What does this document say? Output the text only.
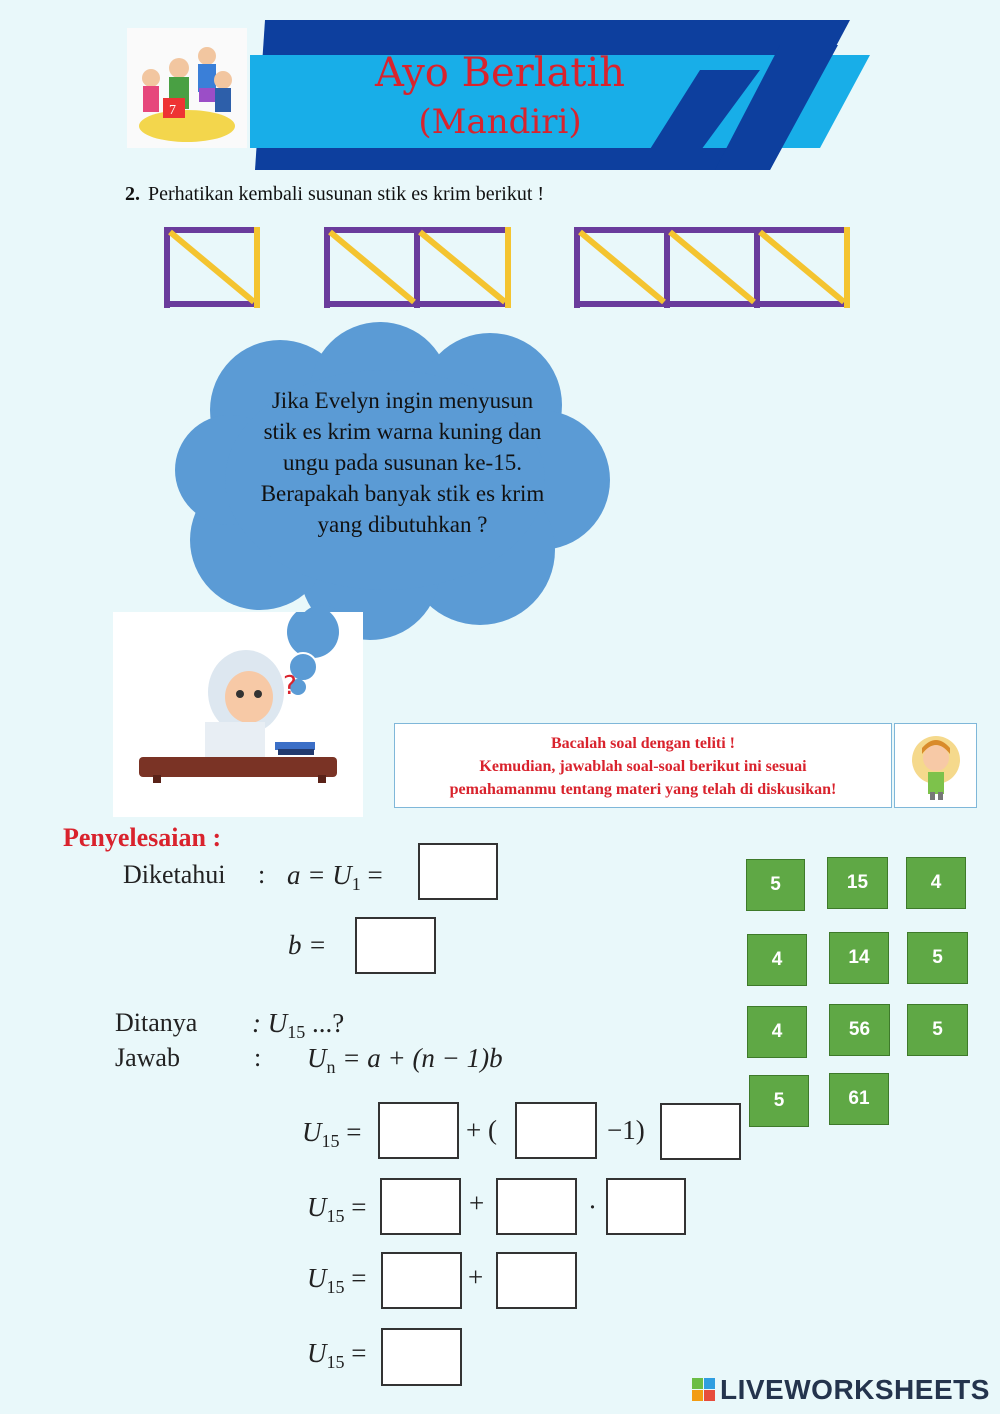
7
Ayo Berlatih
(Mandiri)
2. Perhatikan kembali susunan stik es krim berikut !
Jika Evelyn ingin menyusun
stik es krim warna kuning dan
ungu pada susunan ke-15.
Berapakah banyak stik es krim
yang dibutuhkan ?
?
Bacalah soal dengan teliti !
Kemudian, jawablah soal-soal berikut ini sesuai
pemahamanmu tentang materi yang telah di diskusikan!
Penyelesaian :
Diketahui : $a = U_1$ =
b =
Ditanya : $U_{15}$ ...?
Jawab	: $U_n = a + (n - 1)b$
$U_{15}$ =	+ (	−1)
$U_{15}$ =	+	·
$U_{15}$ =	+
$U_{15}$ =
5	15	4
4	14	5
4	56	5
5	61
LIVEWORKSHEETS
